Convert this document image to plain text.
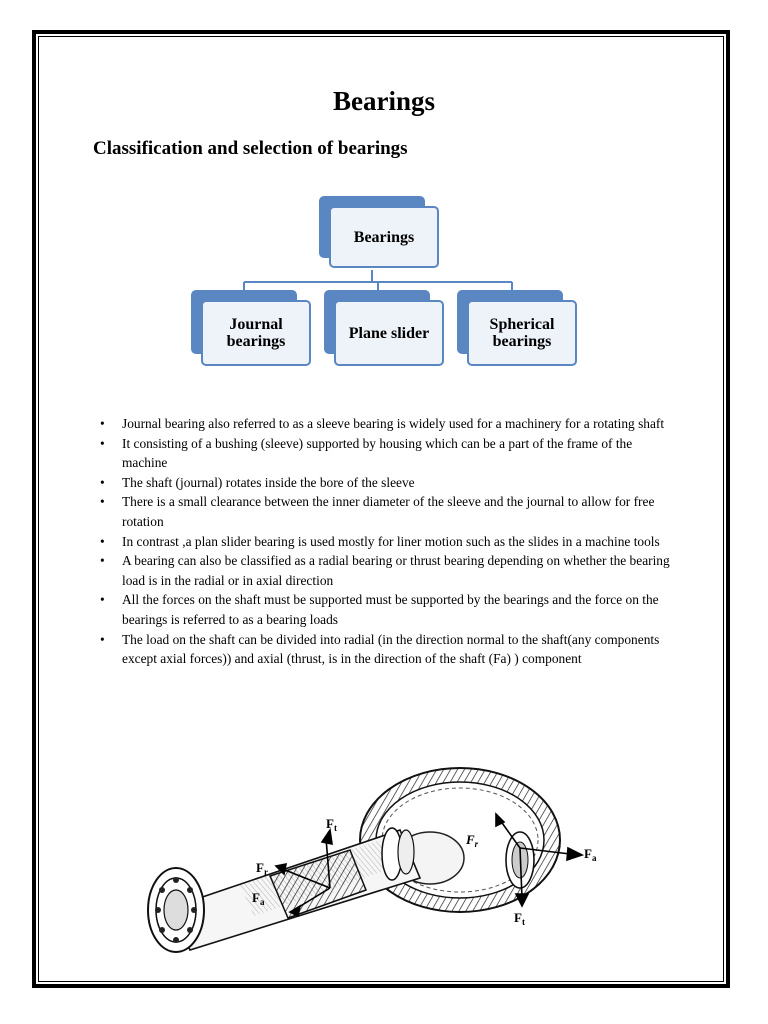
Bearings
Classification and selection of bearings
Bearings
Journal
bearings	Plane slider	Spherical
bearings
• Journal bearing also referred to as a sleeve bearing is widely used for a machinery for a rotating shaft
• It consisting of a bushing (sleeve) supported by housing which can be a part of the frame of the machine
• The shaft (journal) rotates inside the bore of the sleeve
• There is a small clearance between the inner diameter of the sleeve and the journal to allow for free rotation
• In contrast ,a plan slider bearing is used mostly for liner motion such as the slides in a machine tools
• A bearing can also be classified as a radial bearing or thrust bearing depending on whether the bearing load is in the radial or in axial direction
• All the forces on the shaft must be supported must be supported by the bearings and the force on the bearings is referred to as a bearing loads
• The load on the shaft can be divided into radial (in the direction normal to the shaft(any components except axial forces)) and axial (thrust, is in the direction of the shaft (Fa) ) component
$F_t$
$F_r$
$F_a$
$F_r$
$F_a$
$F_t$
